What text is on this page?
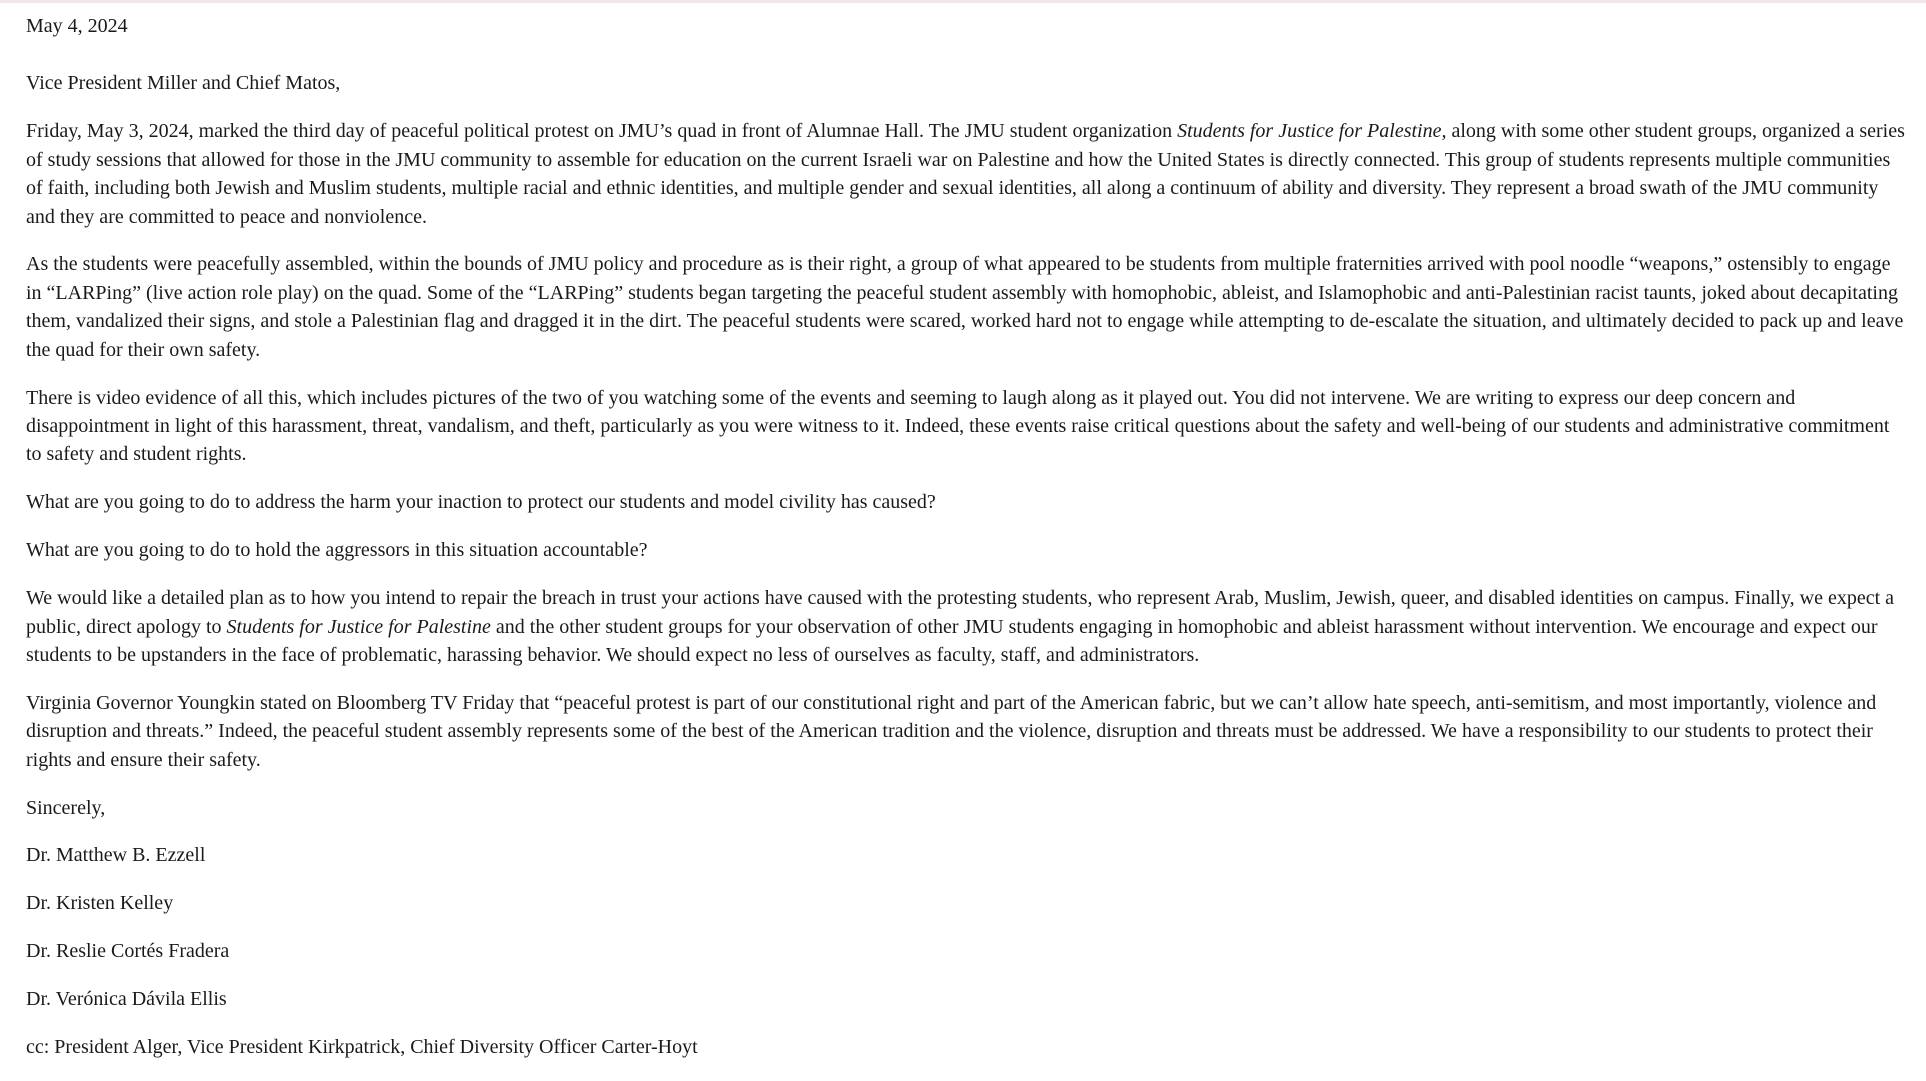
May 4, 2024

Vice President Miller and Chief Matos,

Friday, May 3, 2024, marked the third day of peaceful political protest on JMU’s quad in front of Alumnae Hall. The JMU student organization Students for Justice for Palestine, along with some other student groups, organized a series of study sessions that allowed for those in the JMU community to assemble for education on the current Israeli war on Palestine and how the United States is directly connected. This group of students represents multiple communities of faith, including both Jewish and Muslim students, multiple racial and ethnic identities, and multiple gender and sexual identities, all along a continuum of ability and diversity. They represent a broad swath of the JMU community and they are committed to peace and nonviolence.

As the students were peacefully assembled, within the bounds of JMU policy and procedure as is their right, a group of what appeared to be students from multiple fraternities arrived with pool noodle “weapons,” ostensibly to engage in “LARPing” (live action role play) on the quad. Some of the “LARPing” students began targeting the peaceful student assembly with homophobic, ableist, and Islamophobic and anti-Palestinian racist taunts, joked about decapitating them, vandalized their signs, and stole a Palestinian flag and dragged it in the dirt. The peaceful students were scared, worked hard not to engage while attempting to de-escalate the situation, and ultimately decided to pack up and leave the quad for their own safety.

There is video evidence of all this, which includes pictures of the two of you watching some of the events and seeming to laugh along as it played out. You did not intervene. We are writing to express our deep concern and disappointment in light of this harassment, threat, vandalism, and theft, particularly as you were witness to it. Indeed, these events raise critical questions about the safety and well-being of our students and administrative commitment to safety and student rights.

What are you going to do to address the harm your inaction to protect our students and model civility has caused?

What are you going to do to hold the aggressors in this situation accountable?

We would like a detailed plan as to how you intend to repair the breach in trust your actions have caused with the protesting students, who represent Arab, Muslim, Jewish, queer, and disabled identities on campus. Finally, we expect a public, direct apology to Students for Justice for Palestine and the other student groups for your observation of other JMU students engaging in homophobic and ableist harassment without intervention. We encourage and expect our students to be upstanders in the face of problematic, harassing behavior. We should expect no less of ourselves as faculty, staff, and administrators.

Virginia Governor Youngkin stated on Bloomberg TV Friday that “peaceful protest is part of our constitutional right and part of the American fabric, but we can’t allow hate speech, anti-semitism, and most importantly, violence and disruption and threats.” Indeed, the peaceful student assembly represents some of the best of the American tradition and the violence, disruption and threats must be addressed. We have a responsibility to our students to protect their rights and ensure their safety.

Sincerely,

Dr. Matthew B. Ezzell

Dr. Kristen Kelley

Dr. Reslie Cortés Fradera

Dr. Verónica Dávila Ellis

cc: President Alger, Vice President Kirkpatrick, Chief Diversity Officer Carter-Hoyt
